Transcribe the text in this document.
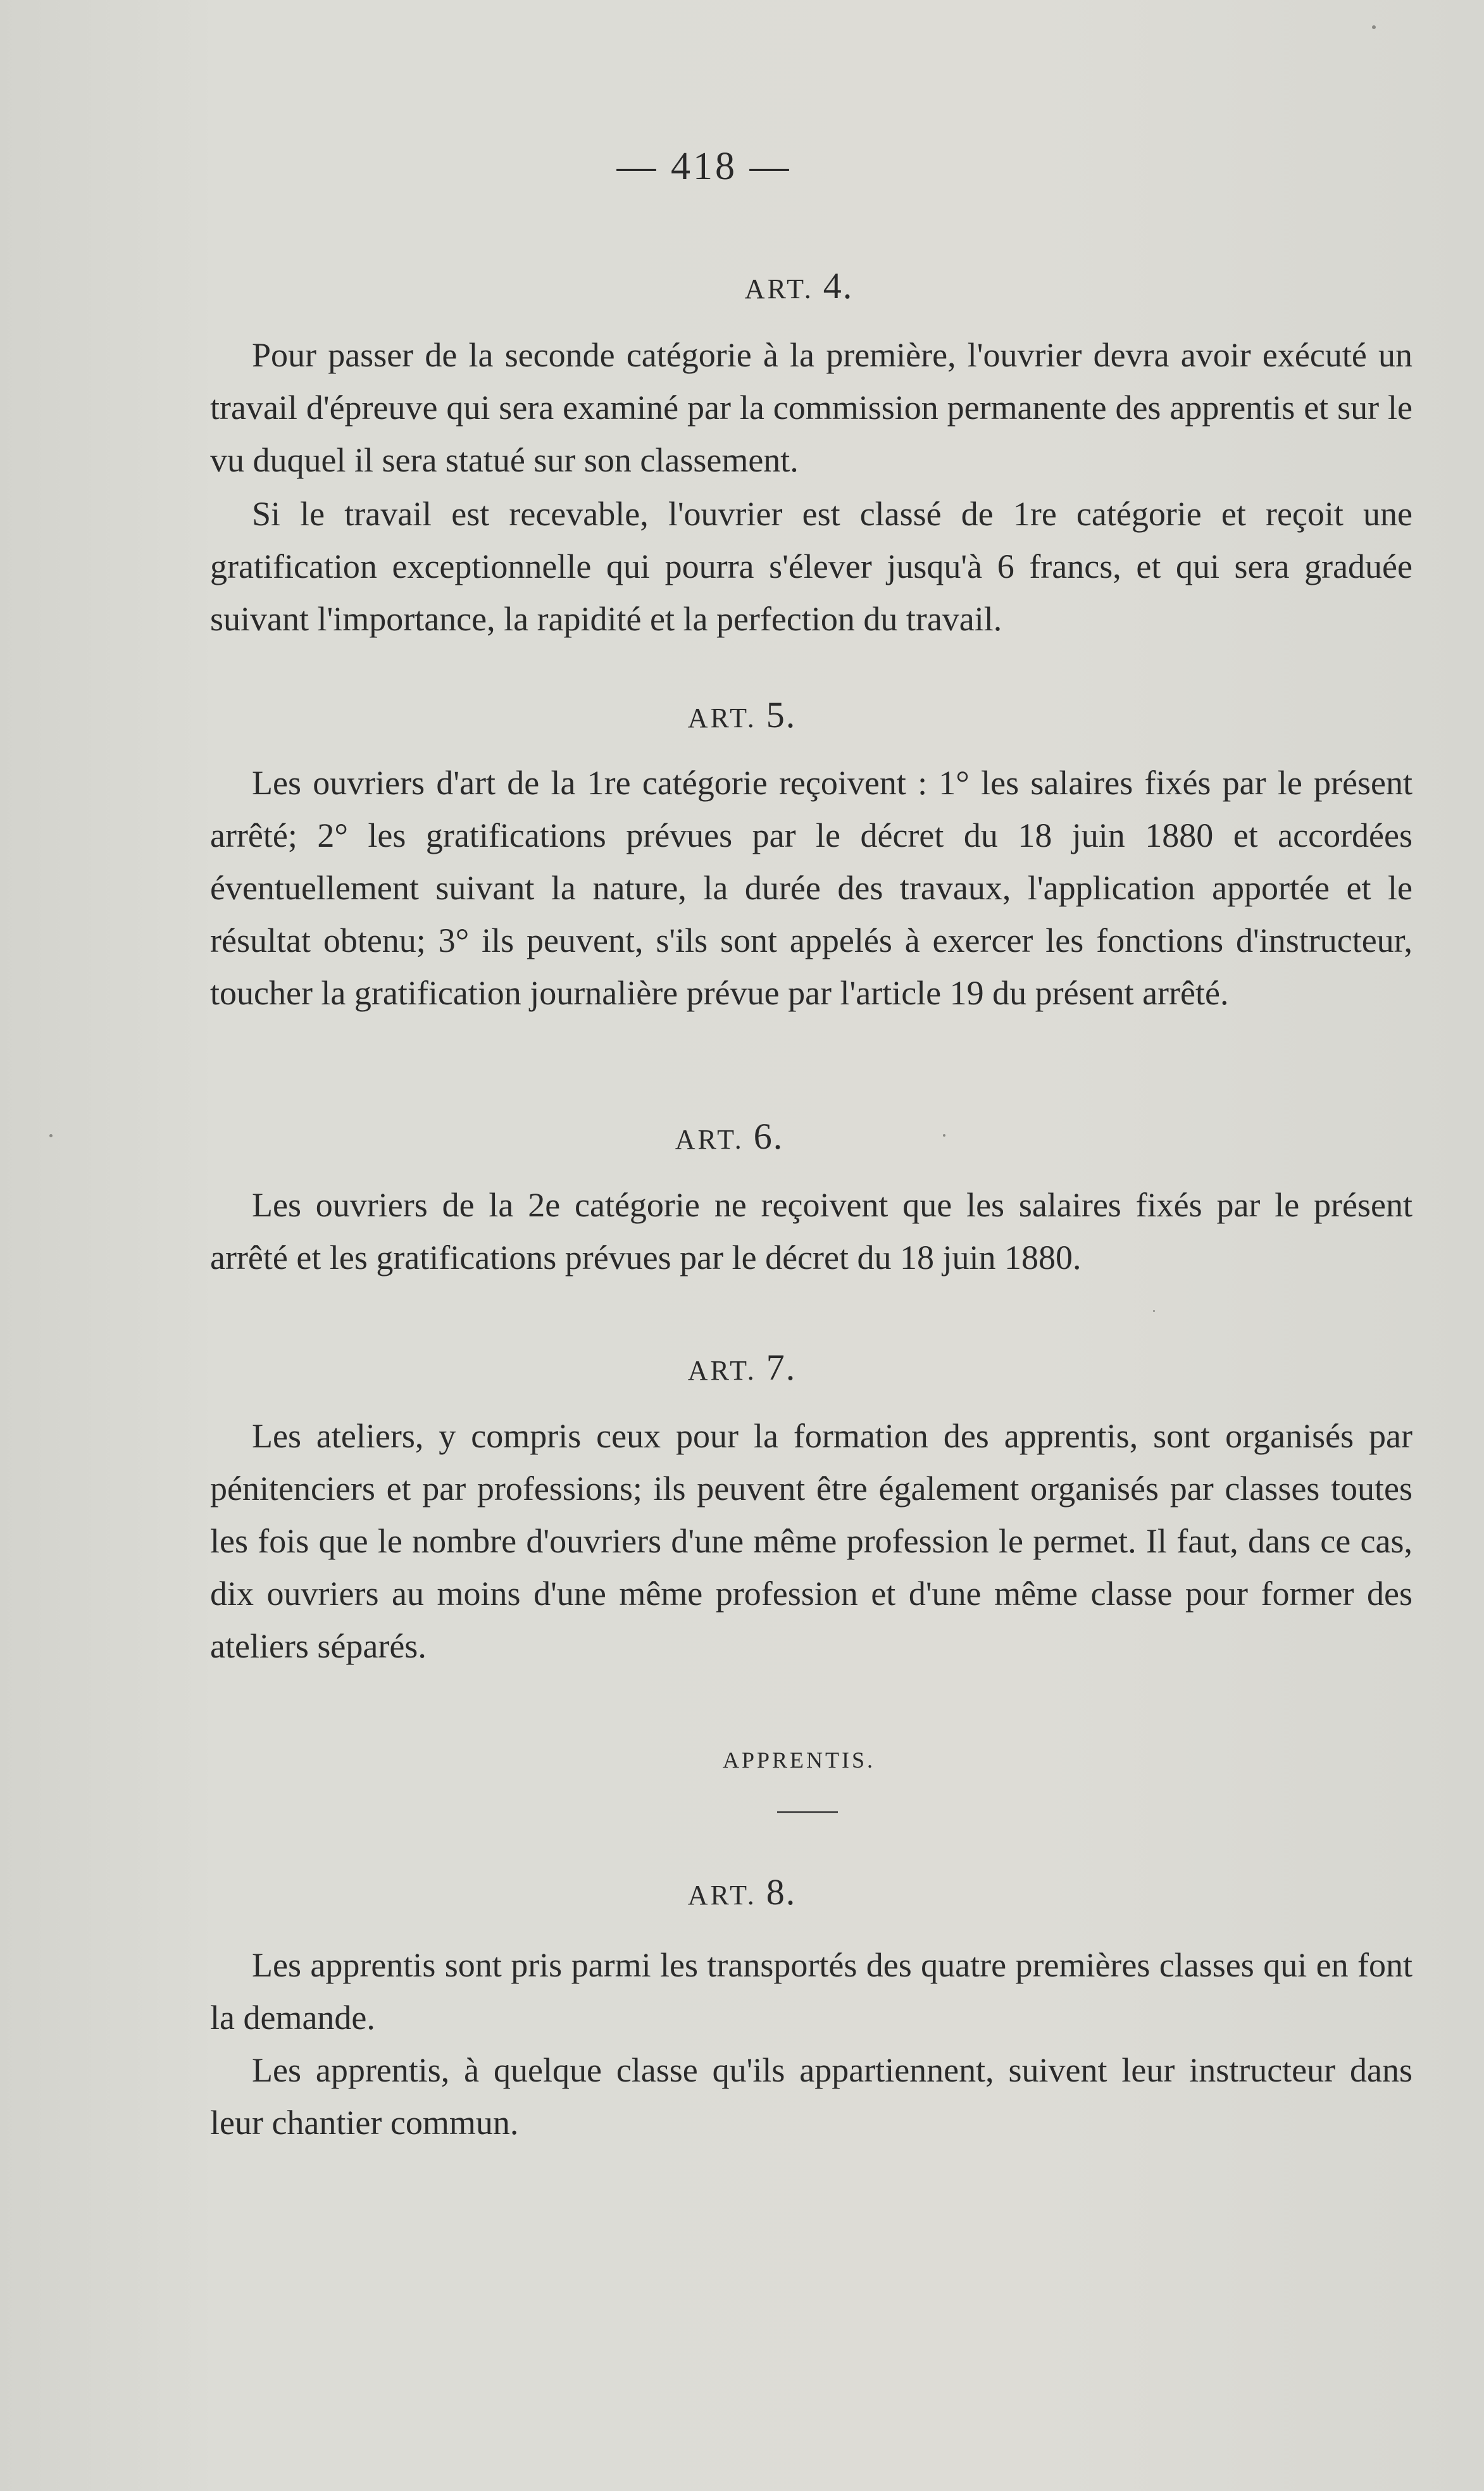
— 418 —
ART. 4.

Pour passer de la seconde catégorie à la première, l'ouvrier devra avoir exécuté un travail d'épreuve qui sera examiné par la commission permanente des apprentis et sur le vu duquel il sera statué sur son classement.

Si le travail est recevable, l'ouvrier est classé de 1re catégorie et reçoit une gratification exceptionnelle qui pourra s'élever jusqu'à 6 francs, et qui sera graduée suivant l'importance, la rapidité et la perfection du travail.

ART. 5.

Les ouvriers d'art de la 1re catégorie reçoivent : 1° les salaires fixés par le présent arrêté; 2° les gratifications prévues par le décret du 18 juin 1880 et accordées éventuellement suivant la nature, la durée des travaux, l'application apportée et le résultat obtenu; 3° ils peuvent, s'ils sont appelés à exercer les fonctions d'instructeur, toucher la gratification journalière prévue par l'article 19 du présent arrêté.

ART. 6.

Les ouvriers de la 2e catégorie ne reçoivent que les salaires fixés par le présent arrêté et les gratifications prévues par le décret du 18 juin 1880.

ART. 7.

Les ateliers, y compris ceux pour la formation des apprentis, sont organisés par pénitenciers et par professions; ils peuvent être également organisés par classes toutes les fois que le nombre d'ouvriers d'une même profession le permet. Il faut, dans ce cas, dix ouvriers au moins d'une même profession et d'une même classe pour former des ateliers séparés.

APPRENTIS.
ART. 8.

Les apprentis sont pris parmi les transportés des quatre premières classes qui en font la demande.

Les apprentis, à quelque classe qu'ils appartiennent, suivent leur instructeur dans leur chantier commun.
